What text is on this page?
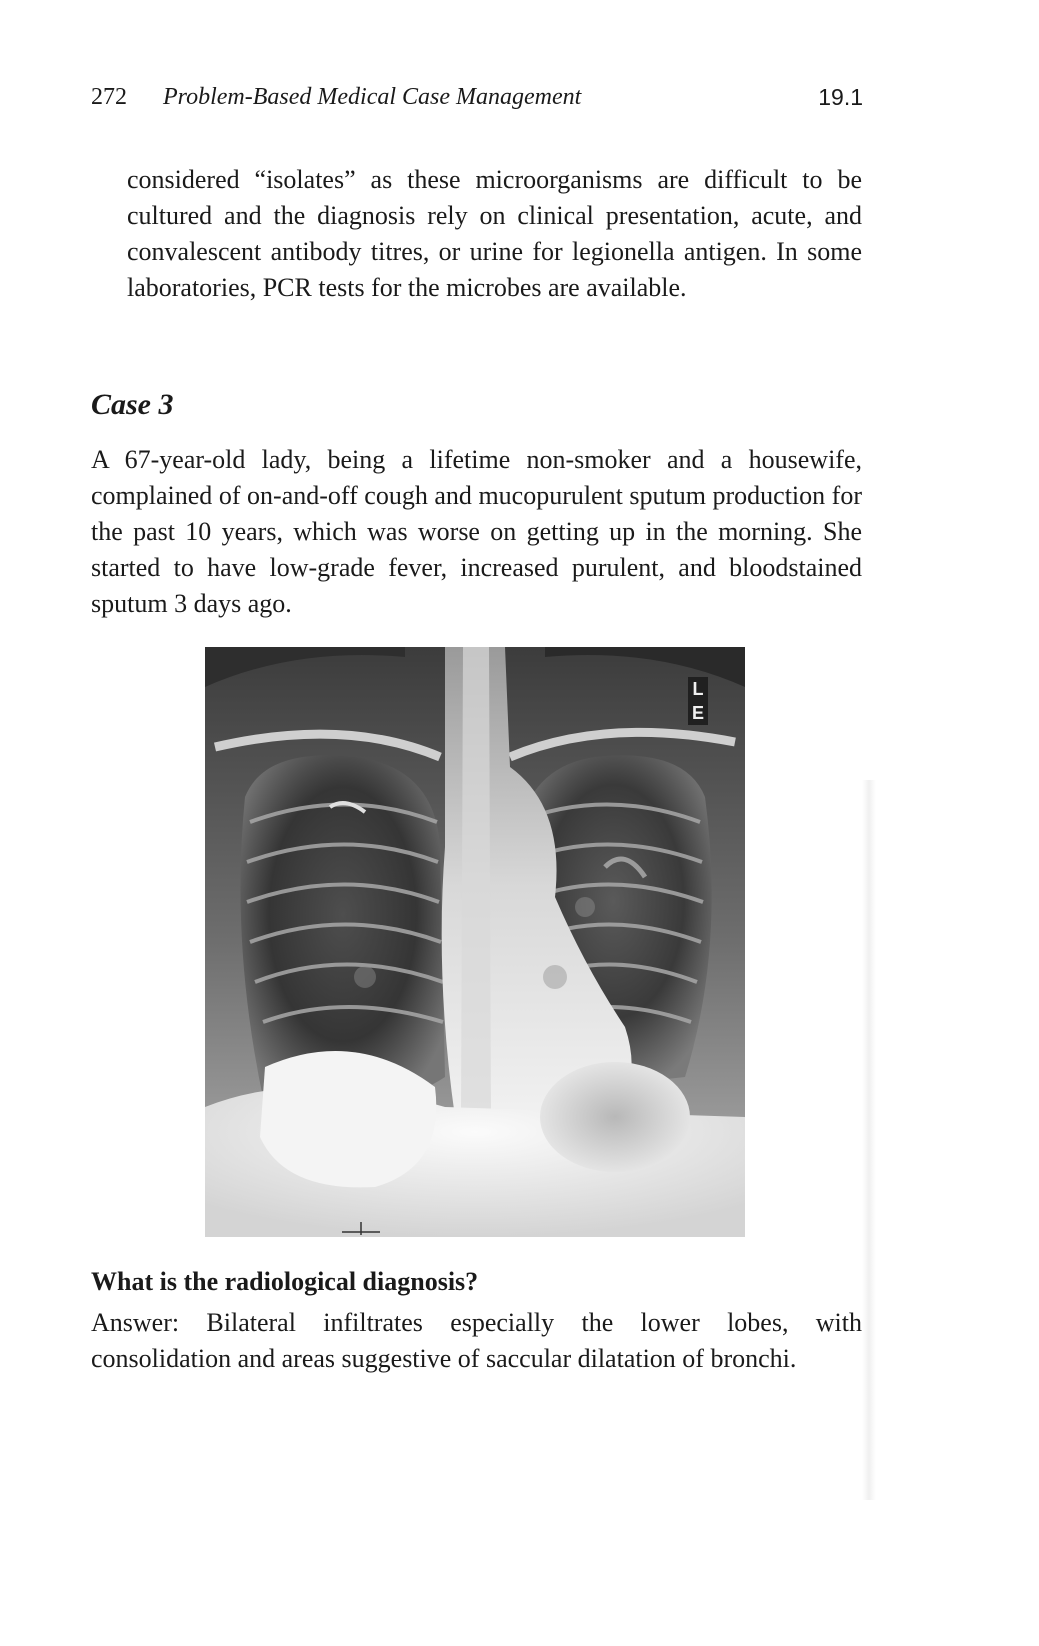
272 Problem-Based Medical Case Management	19.1

considered “isolates” as these microorganisms are difficult to be cultured and the diagnosis rely on clinical presentation, acute, and convalescent antibody titres, or urine for legionella antigen. In some laboratories, PCR tests for the microbes are available.

Case 3

A 67-year-old lady, being a lifetime non-smoker and a housewife, complained of on-and-off cough and mucopurulent sputum production for the past 10 years, which was worse on getting up in the morning. She started to have low-grade fever, increased purulent, and bloodstained sputum 3 days ago.

L
E
What is the radiological diagnosis?

Answer: Bilateral infiltrates especially the lower lobes, with consolidation and areas suggestive of saccular dilatation of bronchi.
